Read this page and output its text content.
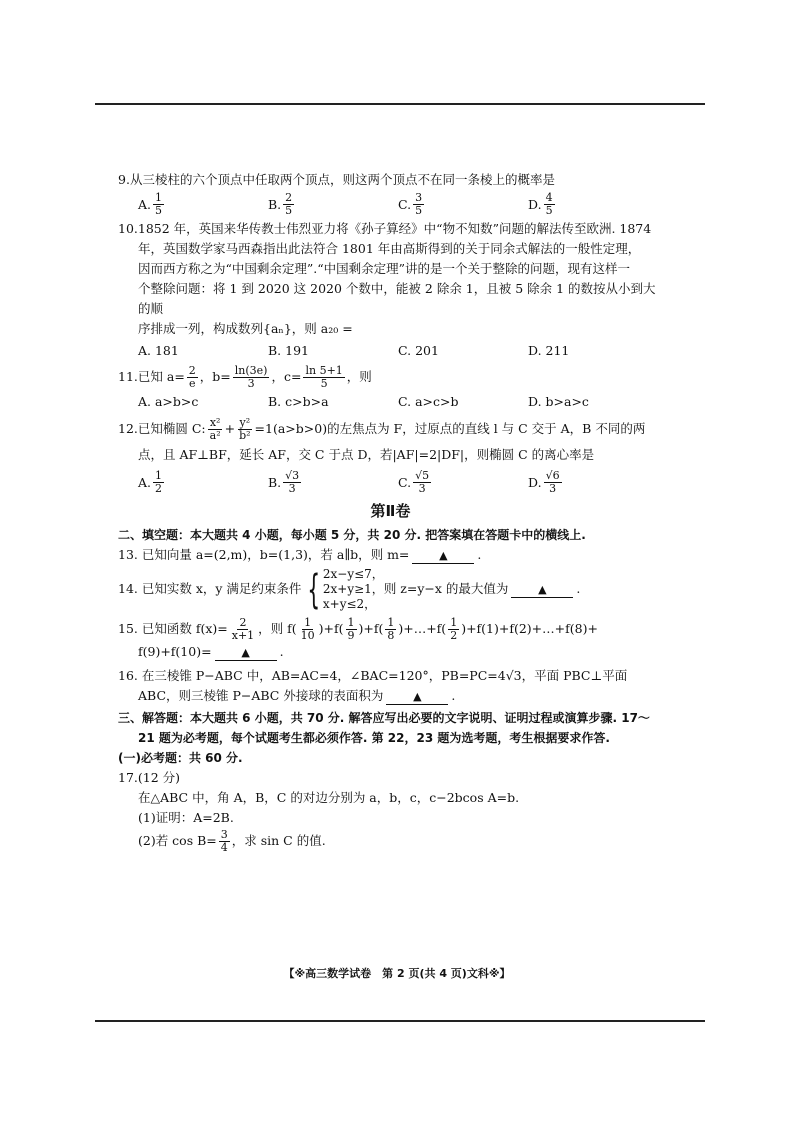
9.从三棱柱的六个顶点中任取两个顶点，则这两个顶点不在同一条棱上的概率是

A. $\frac{1}{5}$	B. $\frac{2}{5}$	C. $\frac{3}{5}$	D. $\frac{4}{5}$

10.1852 年，英国来华传教士伟烈亚力将《孙子算经》中“物不知数”问题的解法传至欧洲. 1874

年，英国数学家马西森指出此法符合 1801 年由高斯得到的关于同余式解法的一般性定理，

因而西方称之为“中国剩余定理”.“中国剩余定理”讲的是一个关于整除的问题，现有这样一

个整除问题：将 1 到 2020 这 2020 个数中，能被 2 除余 1，且被 5 除余 1 的数按从小到大的顺

序排成一列，构成数列{aₙ}，则 a₂₀ =

A. 181	B. 191	C. 201	D. 211

11.已知 $a= \frac{2}{e}$ ，$b= \frac{\ln(3e)}{3}$ ，$c= \frac{\ln 5+1}{5}$ ，则

A. a>b>c	B. c>b>a	C. a>c>b	D. b>a>c

12.已知椭圆 C: $\frac{\text{x²}}{\text{a²}} + \frac{\text{y²}}{\text{b²}} =1(a>b>0)$的左焦点为 F，过原点的直线 l 与 C 交于 A，B 不同的两

点，且 AF⊥BF，延长 AF，交 C 于点 D，若|AF|=2|DF|，则椭圆 C 的离心率是

A. $\frac{1}{2}$	B. $\frac{√3}{3}$	C. $\frac{√5}{3}$	D. $\frac{√6}{3}$
第Ⅱ卷

二、填空题：本大题共 4 小题，每小题 5 分，共 20 分. 把答案填在答题卡中的横线上.

13. 已知向量 a=(2,m)，b=(1,3)，若 a∥b，则 m=	▲ .

14. 已知实数 x，y 满足约束条件 { 2x−y≤7，
2x+y≥1，
x+y≤2，
则 z=y−x 的最大值为	▲ .

15. 已知函数 $f(x)= \frac{2}{x+1}$ ，则 $f( \frac{1}{10} )+f( \frac{1}{9} )+f( \frac{1}{8}$ )+…+f( $\frac{1}{2}$ )+f(1)+f(2)+…+f(8)+

f(9)+f(10)=	▲ .

16. 在三棱锥 P−ABC 中，AB=AC=4，∠BAC=120°，PB=PC=4√3，平面 PBC⊥平面

ABC，则三棱锥 P−ABC 外接球的表面积为	▲ .

三、解答题：本大题共 6 小题，共 70 分. 解答应写出必要的文字说明、证明过程或演算步骤. 17～

21 题为必考题，每个试题考生都必须作答. 第 22，23 题为选考题，考生根据要求作答.

(一)必考题：共 60 分.

17.(12 分)

在△ABC 中，角 A，B，C 的对边分别为 a，b，c，c−2bcos A=b.

(1)证明：A=2B.

(2)若 $\cos B= \frac{3}{4}$ ，求 sin C 的值.

【※高三数学试卷　第 2 页(共 4 页)文科※】
